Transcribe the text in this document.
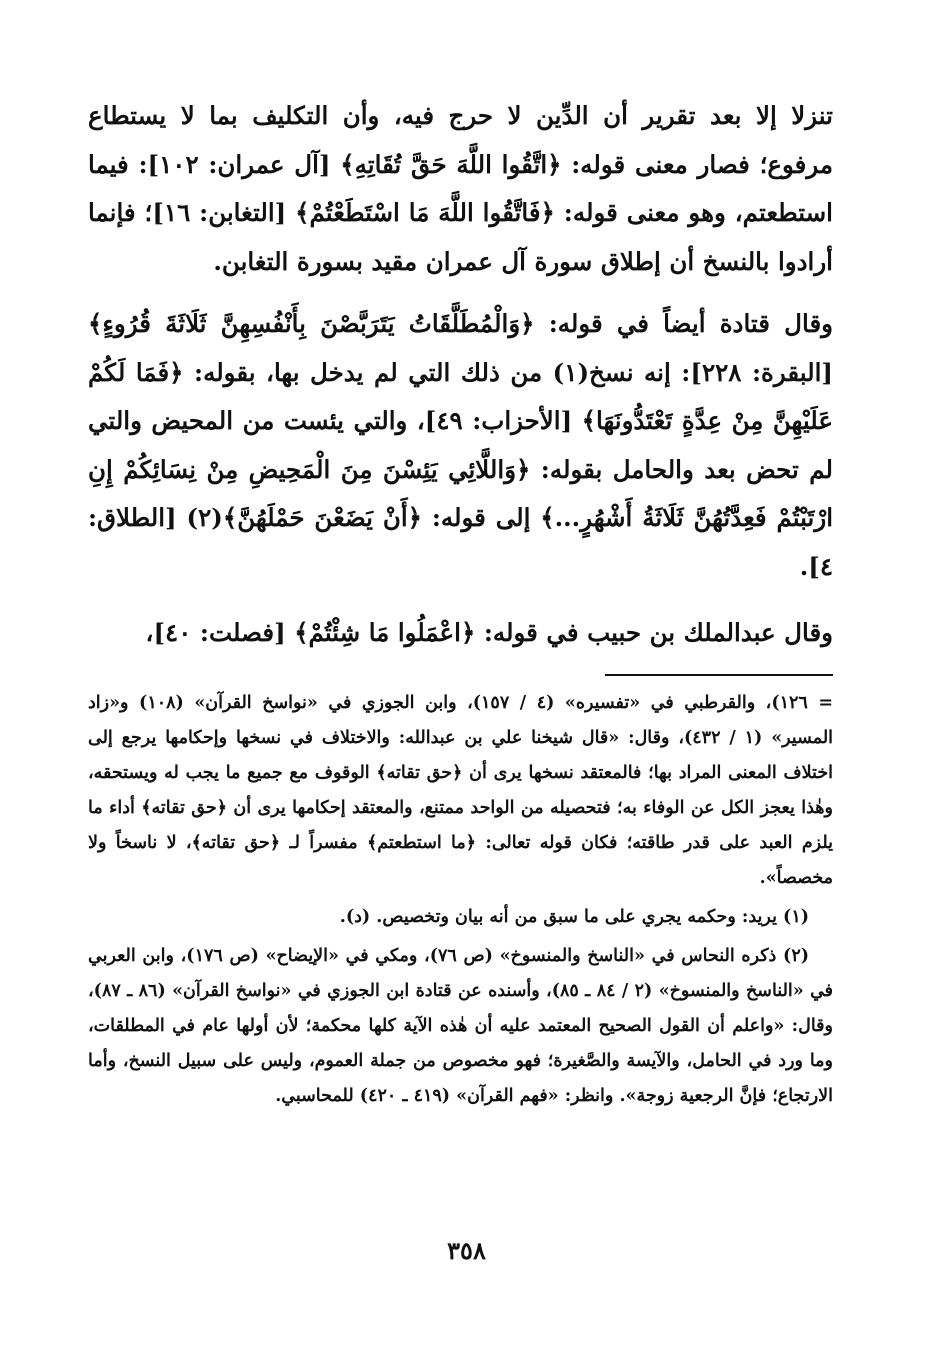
تنزلا إلا بعد تقرير أن الدِّين لا حرج فيه، وأن التكليف بما لا يستطاع مرفوع؛ فصار معنى قوله: ﴿اتَّقُوا اللَّهَ حَقَّ تُقَاتِهِ﴾ [آل عمران: ١٠٢]: فيما استطعتم، وهو معنى قوله: ﴿فَاتَّقُوا اللَّهَ مَا اسْتَطَعْتُمْ﴾ [التغابن: ١٦]؛ فإنما أرادوا بالنسخ أن إطلاق سورة آل عمران مقيد بسورة التغابن.

وقال قتادة أيضاً في قوله: ﴿وَالْمُطَلَّقَاتُ يَتَرَبَّصْنَ بِأَنْفُسِهِنَّ ثَلَاثَةَ قُرُوءٍ﴾ [البقرة: ٢٢٨]: إنه نسخ(١) من ذلك التي لم يدخل بها، بقوله: ﴿فَمَا لَكُمْ عَلَيْهِنَّ مِنْ عِدَّةٍ تَعْتَدُّونَهَا﴾ [الأحزاب: ٤٩]، والتي يئست من المحيض والتي لم تحض بعد والحامل بقوله: ﴿وَاللَّائِي يَئِسْنَ مِنَ الْمَحِيضِ مِنْ نِسَائِكُمْ إِنِ ارْتَبْتُمْ فَعِدَّتُهُنَّ ثَلَاثَةُ أَشْهُرٍ...﴾ إلى قوله: ﴿أَنْ يَضَعْنَ حَمْلَهُنَّ﴾(٢) [الطلاق: ٤].

وقال عبدالملك بن حبيب في قوله: ﴿اعْمَلُوا مَا شِئْتُمْ﴾ [فصلت: ٤٠]،

= ١٢٦)، والقرطبي في «تفسيره» (٤ / ١٥٧)، وابن الجوزي في «نواسخ القرآن» (١٠٨) و«زاد المسير» (١ / ٤٣٢)، وقال: «قال شيخنا علي بن عبدالله: والاختلاف في نسخها وإحكامها يرجع إلى اختلاف المعنى المراد بها؛ فالمعتقد نسخها يرى أن ﴿حق تقاته﴾ الوقوف مع جميع ما يجب له ويستحقه، وهٰذا يعجز الكل عن الوفاء به؛ فتحصيله من الواحد ممتنع، والمعتقد إحكامها يرى أن ﴿حق تقاته﴾ أداء ما يلزم العبد على قدر طاقته؛ فكان قوله تعالى: ﴿ما استطعتم﴾ مفسراً لـ ﴿حق تقاته﴾، لا ناسخاً ولا مخصصاً».

(١) يريد: وحكمه يجري على ما سبق من أنه بيان وتخصيص. (د).

(٢) ذكره النحاس في «الناسخ والمنسوخ» (ص ٧٦)، ومكي في «الإيضاح» (ص ١٧٦)، وابن العربي في «الناسخ والمنسوخ» (٢ / ٨٤ ـ ٨٥)، وأسنده عن قتادة ابن الجوزي في «نواسخ القرآن» (٨٦ ـ ٨٧)، وقال: «واعلم أن القول الصحيح المعتمد عليه أن هٰذه الآية كلها محكمة؛ لأن أولها عام في المطلقات، وما ورد في الحامل، والآيسة والصَّغيرة؛ فهو مخصوص من جملة العموم، وليس على سبيل النسخ، وأما الارتجاع؛ فإنَّ الرجعية زوجة». وانظر: «فهم القرآن» (٤١٩ ـ ٤٢٠) للمحاسبي.

٣٥٨
